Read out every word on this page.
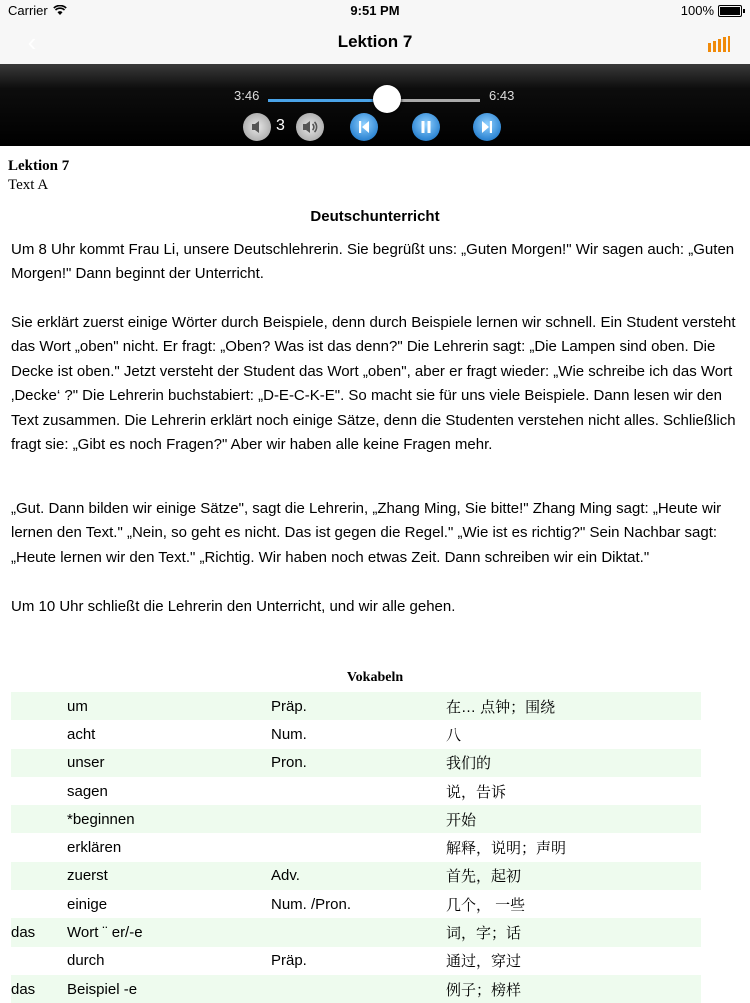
Carrier	9:51 PM	100%
‹	Lektion 7
3:46	6:43
3
Lektion 7
Text A
Deutschunterricht

Um 8 Uhr kommt Frau Li, unsere Deutschlehrerin. Sie begrüßt uns: „Guten Morgen!" Wir sagen auch: „Guten Morgen!" Dann beginnt der Unterricht.

Sie erklärt zuerst einige Wörter durch Beispiele, denn durch Beispiele lernen wir schnell. Ein Student versteht das Wort „oben" nicht. Er fragt: „Oben? Was ist das denn?" Die Lehrerin sagt: „Die Lampen sind oben. Die Decke ist oben." Jetzt versteht der Student das Wort „oben", aber er fragt wieder: „Wie schreibe ich das Wort ‚Decke‘ ?" Die Lehrerin buchstabiert: „D-E-C-K-E". So macht sie für uns viele Beispiele. Dann lesen wir den Text zusammen. Die Lehrerin erklärt noch einige Sätze, denn die Studenten verstehen nicht alles. Schließlich fragt sie: „Gibt es noch Fragen?" Aber wir haben alle keine Fragen mehr.

„Gut. Dann bilden wir einige Sätze", sagt die Lehrerin, „Zhang Ming, Sie bitte!" Zhang Ming sagt: „Heute wir lernen den Text." „Nein, so geht es nicht. Das ist gegen die Regel." „Wie ist es richtig?" Sein Nachbar sagt: „Heute lernen wir den Text." „Richtig. Wir haben noch etwas Zeit. Dann schreiben wir ein Diktat."

Um 10 Uhr schließt die Lehrerin den Unterricht, und wir alle gehen.

Vokabeln
	um	Präp.	在… 点钟；围绕
	acht	Num.	八
	unser	Pron.	我们的
	sagen		说，告诉
	*beginnen		开始
	erklären		解释，说明；声明
	zuerst	Adv.	首先，起初
	einige	Num. /Pron.	几个， 一些
das	Wort ¨ er/-e		词，字；话
	durch	Präp.	通过，穿过
das	Beispiel -e		例子；榜样
